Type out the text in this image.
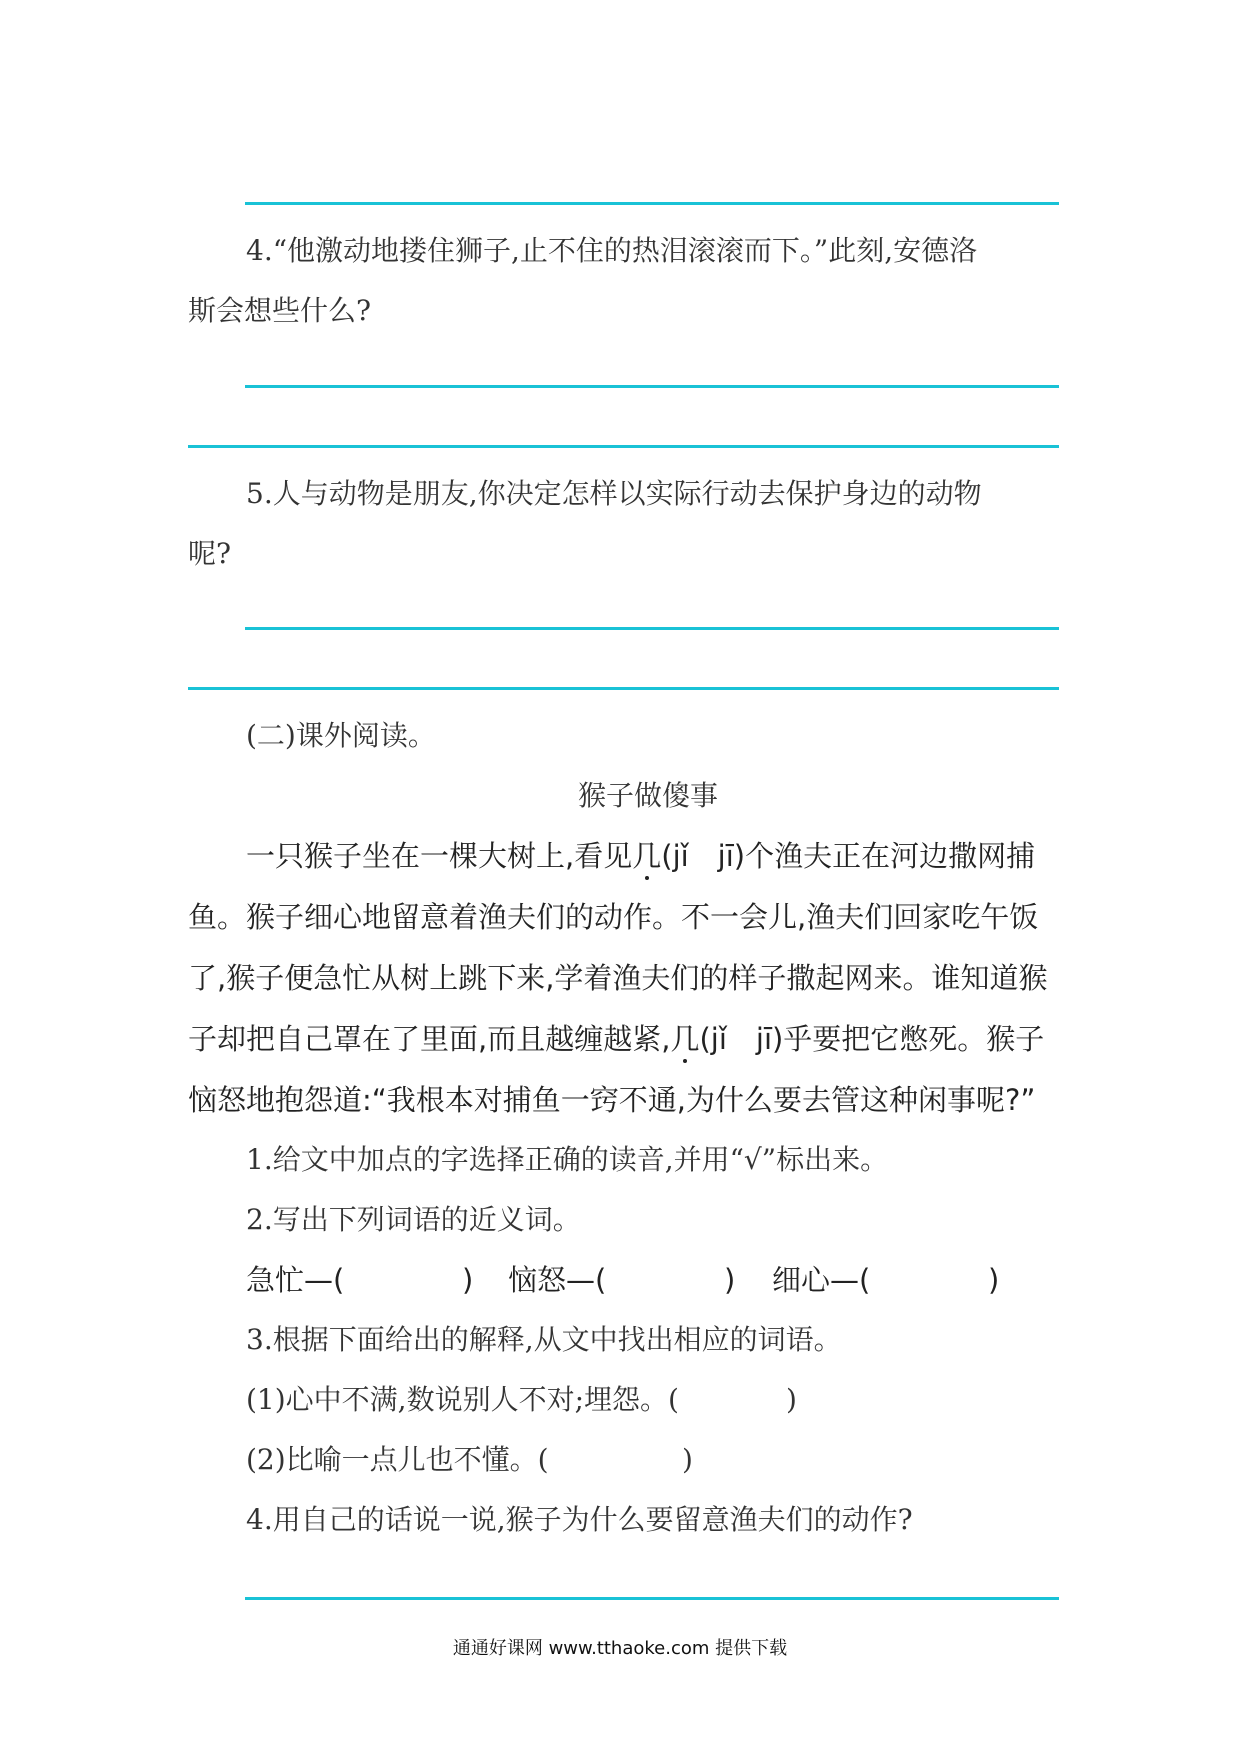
4.“他激动地搂住狮子,止不住的热泪滚滚而下。”此刻,安德洛
斯会想些什么?
5.人与动物是朋友,你决定怎样以实际行动去保护身边的动物
呢?
(二)课外阅读。
猴子做傻事
一只猴子坐在一棵大树上,看见几(jǐ　jī)个渔夫正在河边撒网捕
鱼。猴子细心地留意着渔夫们的动作。不一会儿,渔夫们回家吃午饭
了,猴子便急忙从树上跳下来,学着渔夫们的样子撒起网来。谁知道猴
子却把自己罩在了里面,而且越缠越紧,几(jǐ　jī)乎要把它憋死。猴子
恼怒地抱怨道:“我根本对捕鱼一窍不通,为什么要去管这种闲事呢?”
1.给文中加点的字选择正确的读音,并用“√”标出来。
2.写出下列词语的近义词。
急忙—(	) 恼怒—(	) 细心—(	)
3.根据下面给出的解释,从文中找出相应的词语。
(1)心中不满,数说别人不对;埋怨。(	)
(2)比喻一点儿也不懂。(	)
4.用自己的话说一说,猴子为什么要留意渔夫们的动作?
通通好课网 www.tthaoke.com 提供下载
